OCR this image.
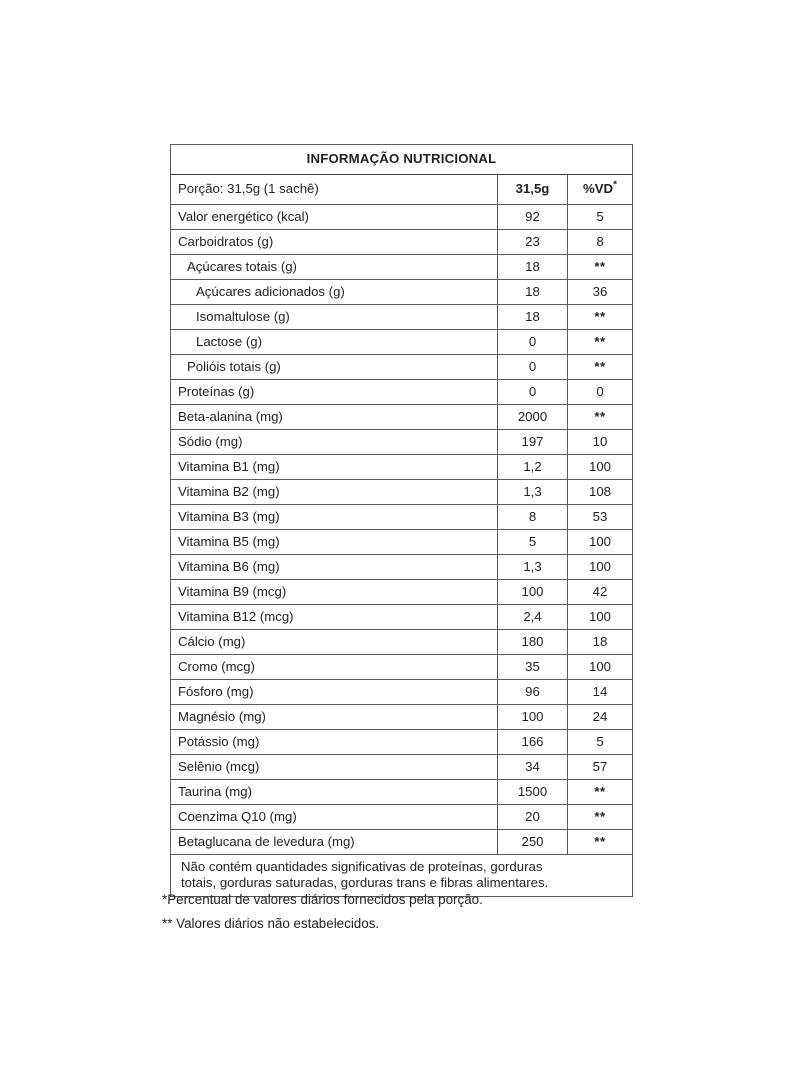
INFORMAÇÃO NUTRICIONAL		
Porção: 31,5g (1 sachê)	31,5g	%VD*
Valor energético (kcal)	92	5
Carboidratos (g)	23	8
Açúcares totais (g)	18	**
Açúcares adicionados (g)	18	36
Isomaltulose (g)	18	**
Lactose (g)	0	**
Polióis totais (g)	0	**
Proteínas (g)	0	0
Beta-alanina (mg)	2000	**
Sódio (mg)	197	10
Vitamina B1 (mg)	1,2	100
Vitamina B2 (mg)	1,3	108
Vitamina B3 (mg)	8	53
Vitamina B5 (mg)	5	100
Vitamina B6 (mg)	1,3	100
Vitamina B9 (mcg)	100	42
Vitamina B12 (mcg)	2,4	100
Cálcio (mg)	180	18
Cromo (mcg)	35	100
Fósforo (mg)	96	14
Magnésio (mg)	100	24
Potássio (mg)	166	5
Selênio (mcg)	34	57
Taurina (mg)	1500	**
Coenzima Q10 (mg)	20	**
Betaglucana de levedura (mg)	250	**

Não contém quantidades significativas de proteínas, gorduras
totais, gorduras saturadas, gorduras trans e fibras alimentares.		

*Percentual de valores diários fornecidos pela porção.

** Valores diários não estabelecidos.
